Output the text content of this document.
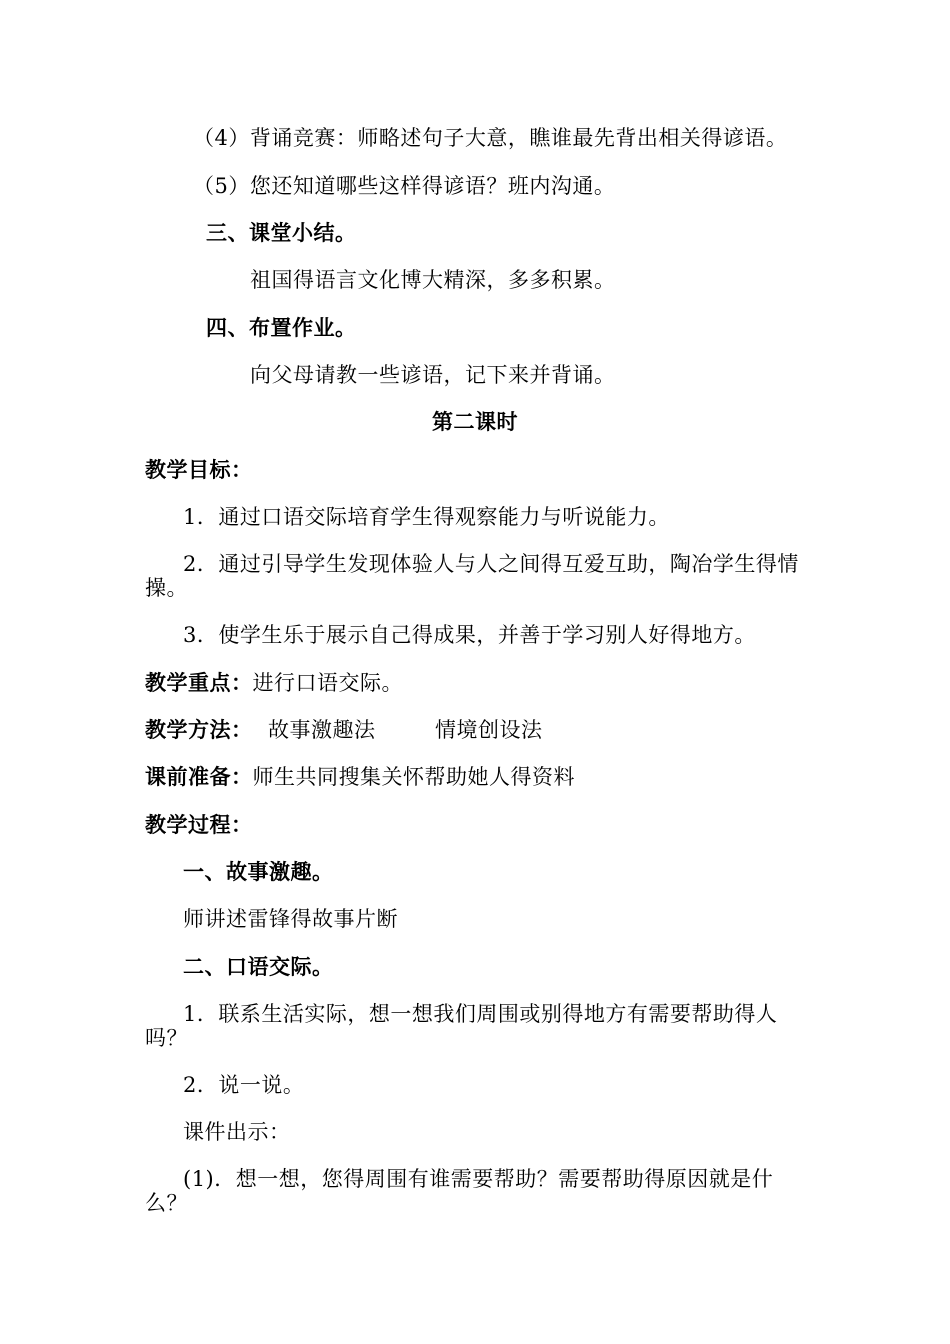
（4）背诵竞赛：师略述句子大意，瞧谁最先背出相关得谚语。
（5）您还知道哪些这样得谚语？班内沟通。
三、课堂小结。
祖国得语言文化博大精深，多多积累。
四、布置作业。
向父母请教一些谚语，记下来并背诵。
第二课时
教学目标：
1．通过口语交际培育学生得观察能力与听说能力。
2．通过引导学生发现体验人与人之间得互爱互助，陶冶学生得情操。
3．使学生乐于展示自己得成果，并善于学习别人好得地方。
教学重点：进行口语交际。
教学方法： 故事激趣法	情境创设法
课前准备：师生共同搜集关怀帮助她人得资料
教学过程：
一、故事激趣。
师讲述雷锋得故事片断
二、口语交际。
1．联系生活实际，想一想我们周围或别得地方有需要帮助得人吗？
2．说一说。
课件出示：
(1)．想一想，您得周围有谁需要帮助？需要帮助得原因就是什么？
